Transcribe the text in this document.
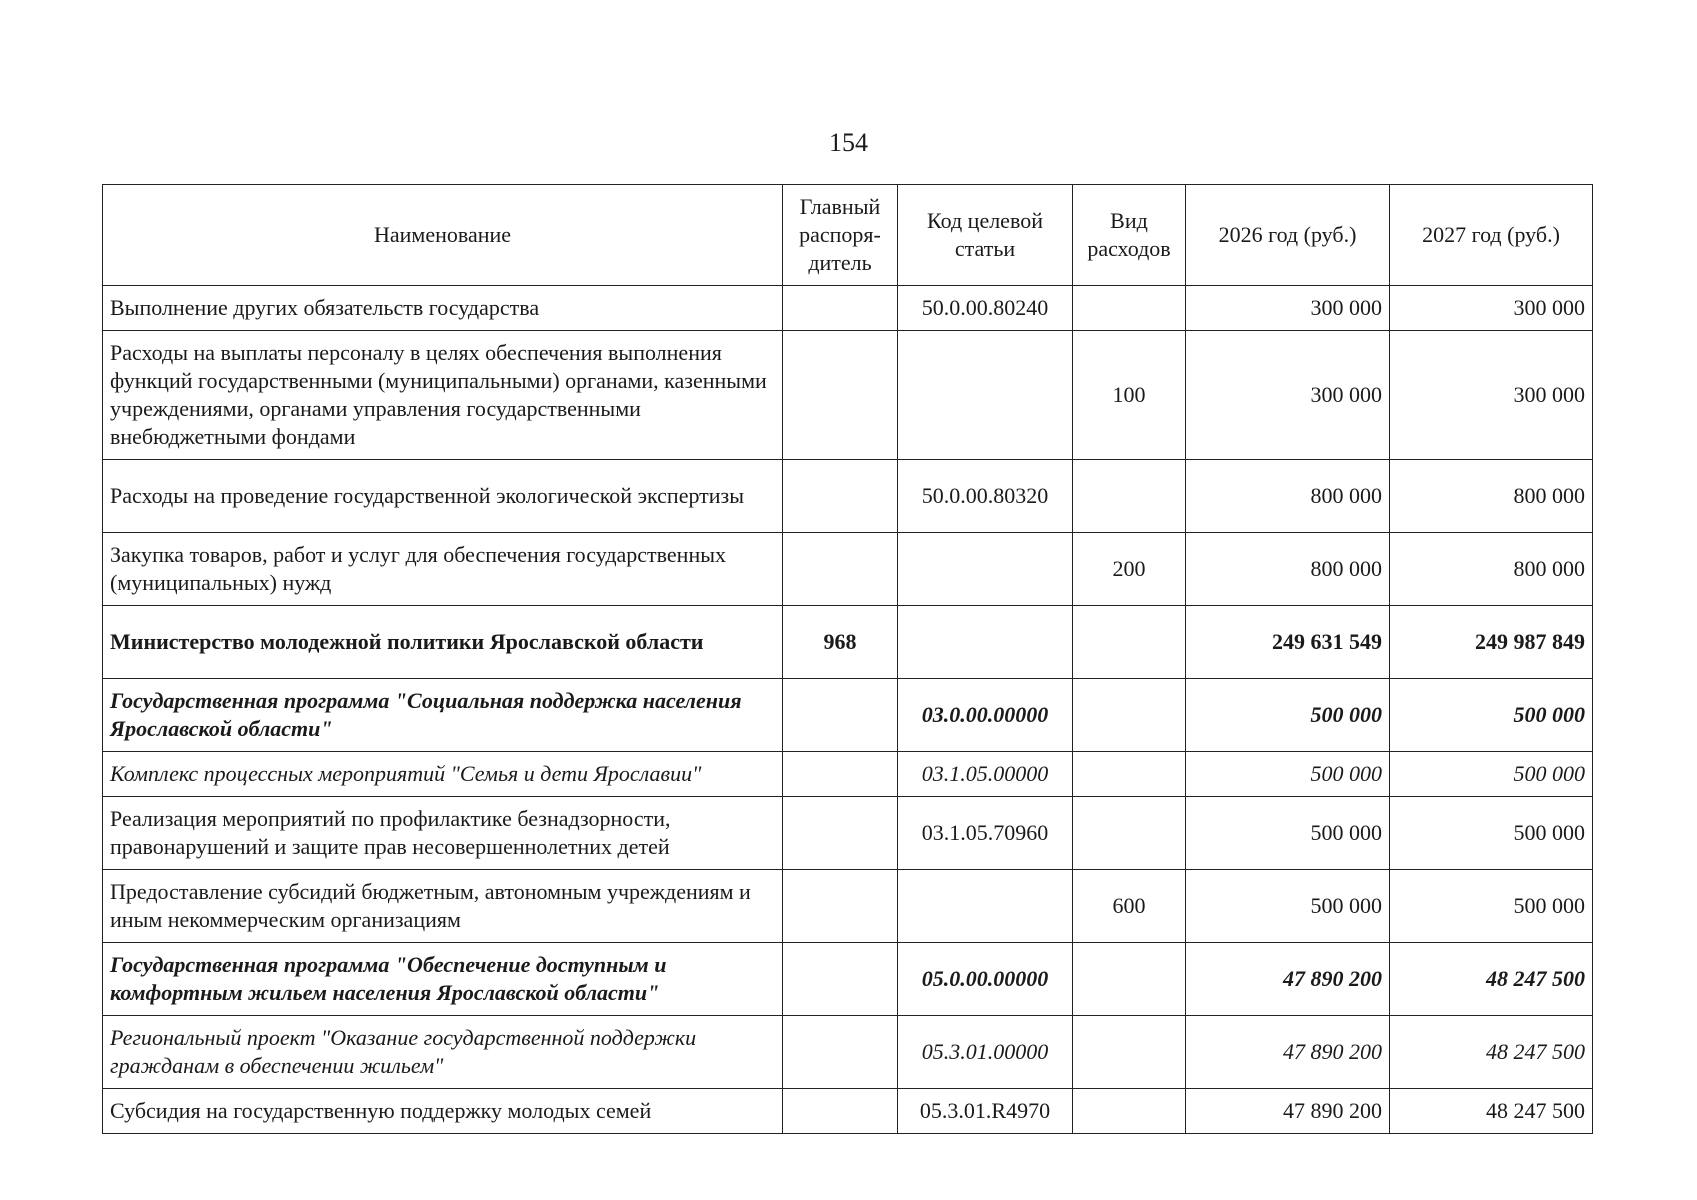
154
Наименование	Главный распоря-дитель	Код целевой статьи	Вид расходов	2026 год (руб.)	2027 год (руб.)
Выполнение других обязательств государства		50.0.00.80240		300 000	300 000
Расходы на выплаты персоналу в целях обеспечения выполнения функций государственными (муниципальными) органами, казенными учреждениями, органами управления государственными внебюджетными фондами			100	300 000	300 000
Расходы на проведение государственной экологической экспертизы		50.0.00.80320		800 000	800 000
Закупка товаров, работ и услуг для обеспечения государственных (муниципальных) нужд			200	800 000	800 000
Министерство молодежной политики Ярославской области	968			249 631 549	249 987 849
Государственная программа "Социальная поддержка населения Ярославской области"		03.0.00.00000		500 000	500 000
Комплекс процессных мероприятий "Семья и дети Ярославии"		03.1.05.00000		500 000	500 000
Реализация мероприятий по профилактике безнадзорности, правонарушений и защите прав несовершеннолетних детей		03.1.05.70960		500 000	500 000
Предоставление субсидий бюджетным, автономным учреждениям и иным некоммерческим организациям			600	500 000	500 000
Государственная программа "Обеспечение доступным и комфортным жильем населения Ярославской области"		05.0.00.00000		47 890 200	48 247 500
Региональный проект "Оказание государственной поддержки гражданам в обеспечении жильем"		05.3.01.00000		47 890 200	48 247 500
Субсидия на государственную поддержку молодых семей		05.3.01.R4970		47 890 200	48 247 500
